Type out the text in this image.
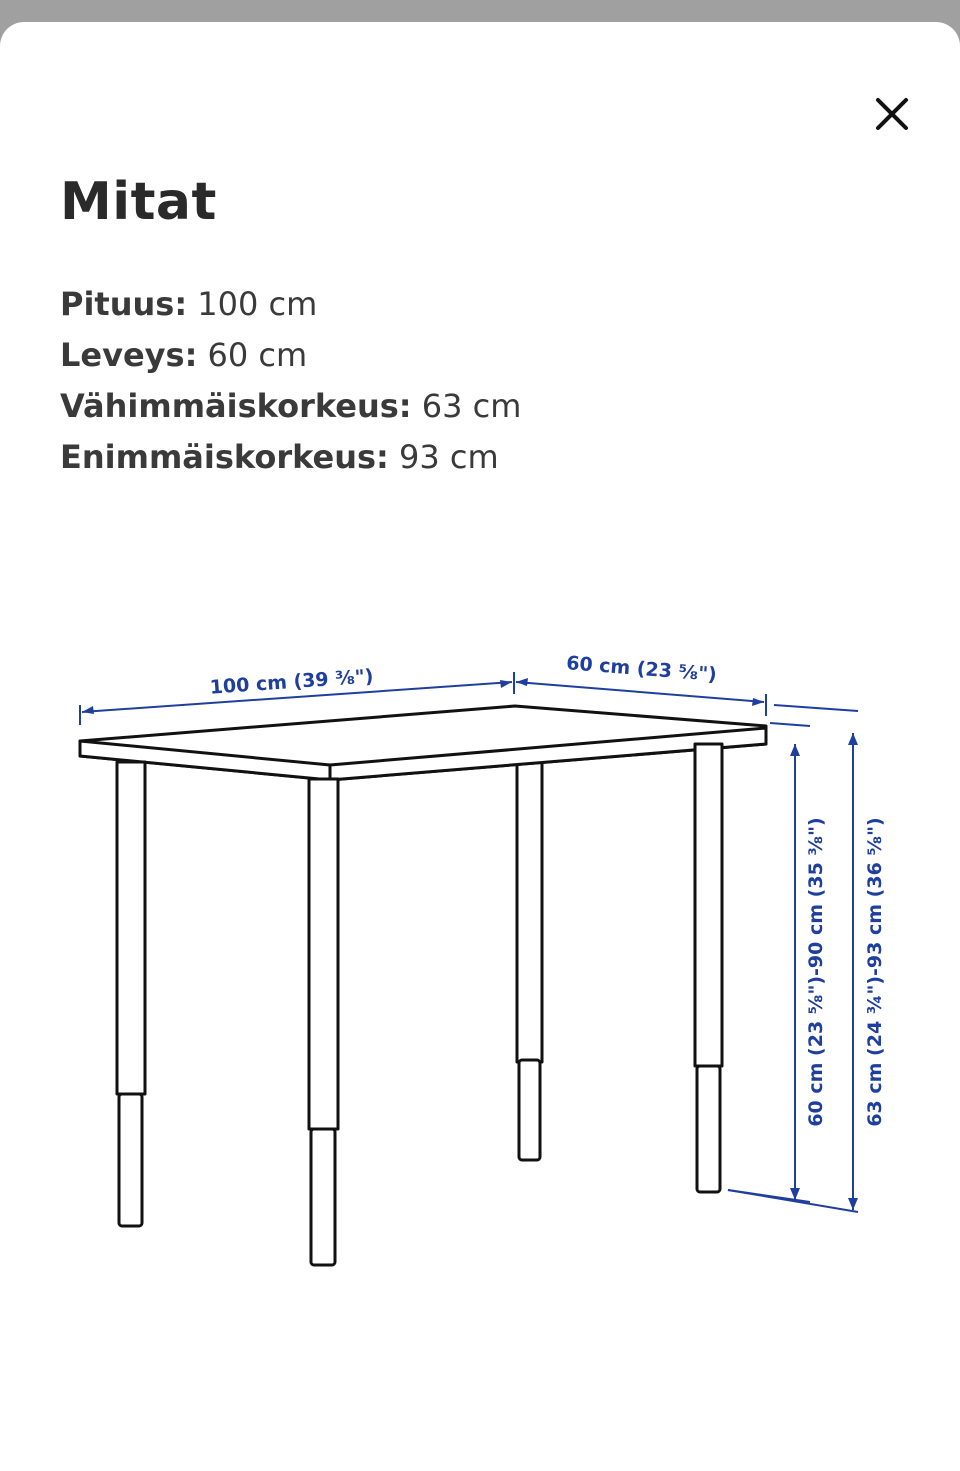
Mitat
Pituus: 100 cm
Leveys: 60 cm
Vähimmäiskorkeus: 63 cm
Enimmäiskorkeus: 93 cm
100 cm (39 ⅜")	60 cm (23 ⅝")
60 cm (23 ⅝")-90 cm (35 ⅜") 63 cm (24 ¾")-93 cm (36 ⅝")
